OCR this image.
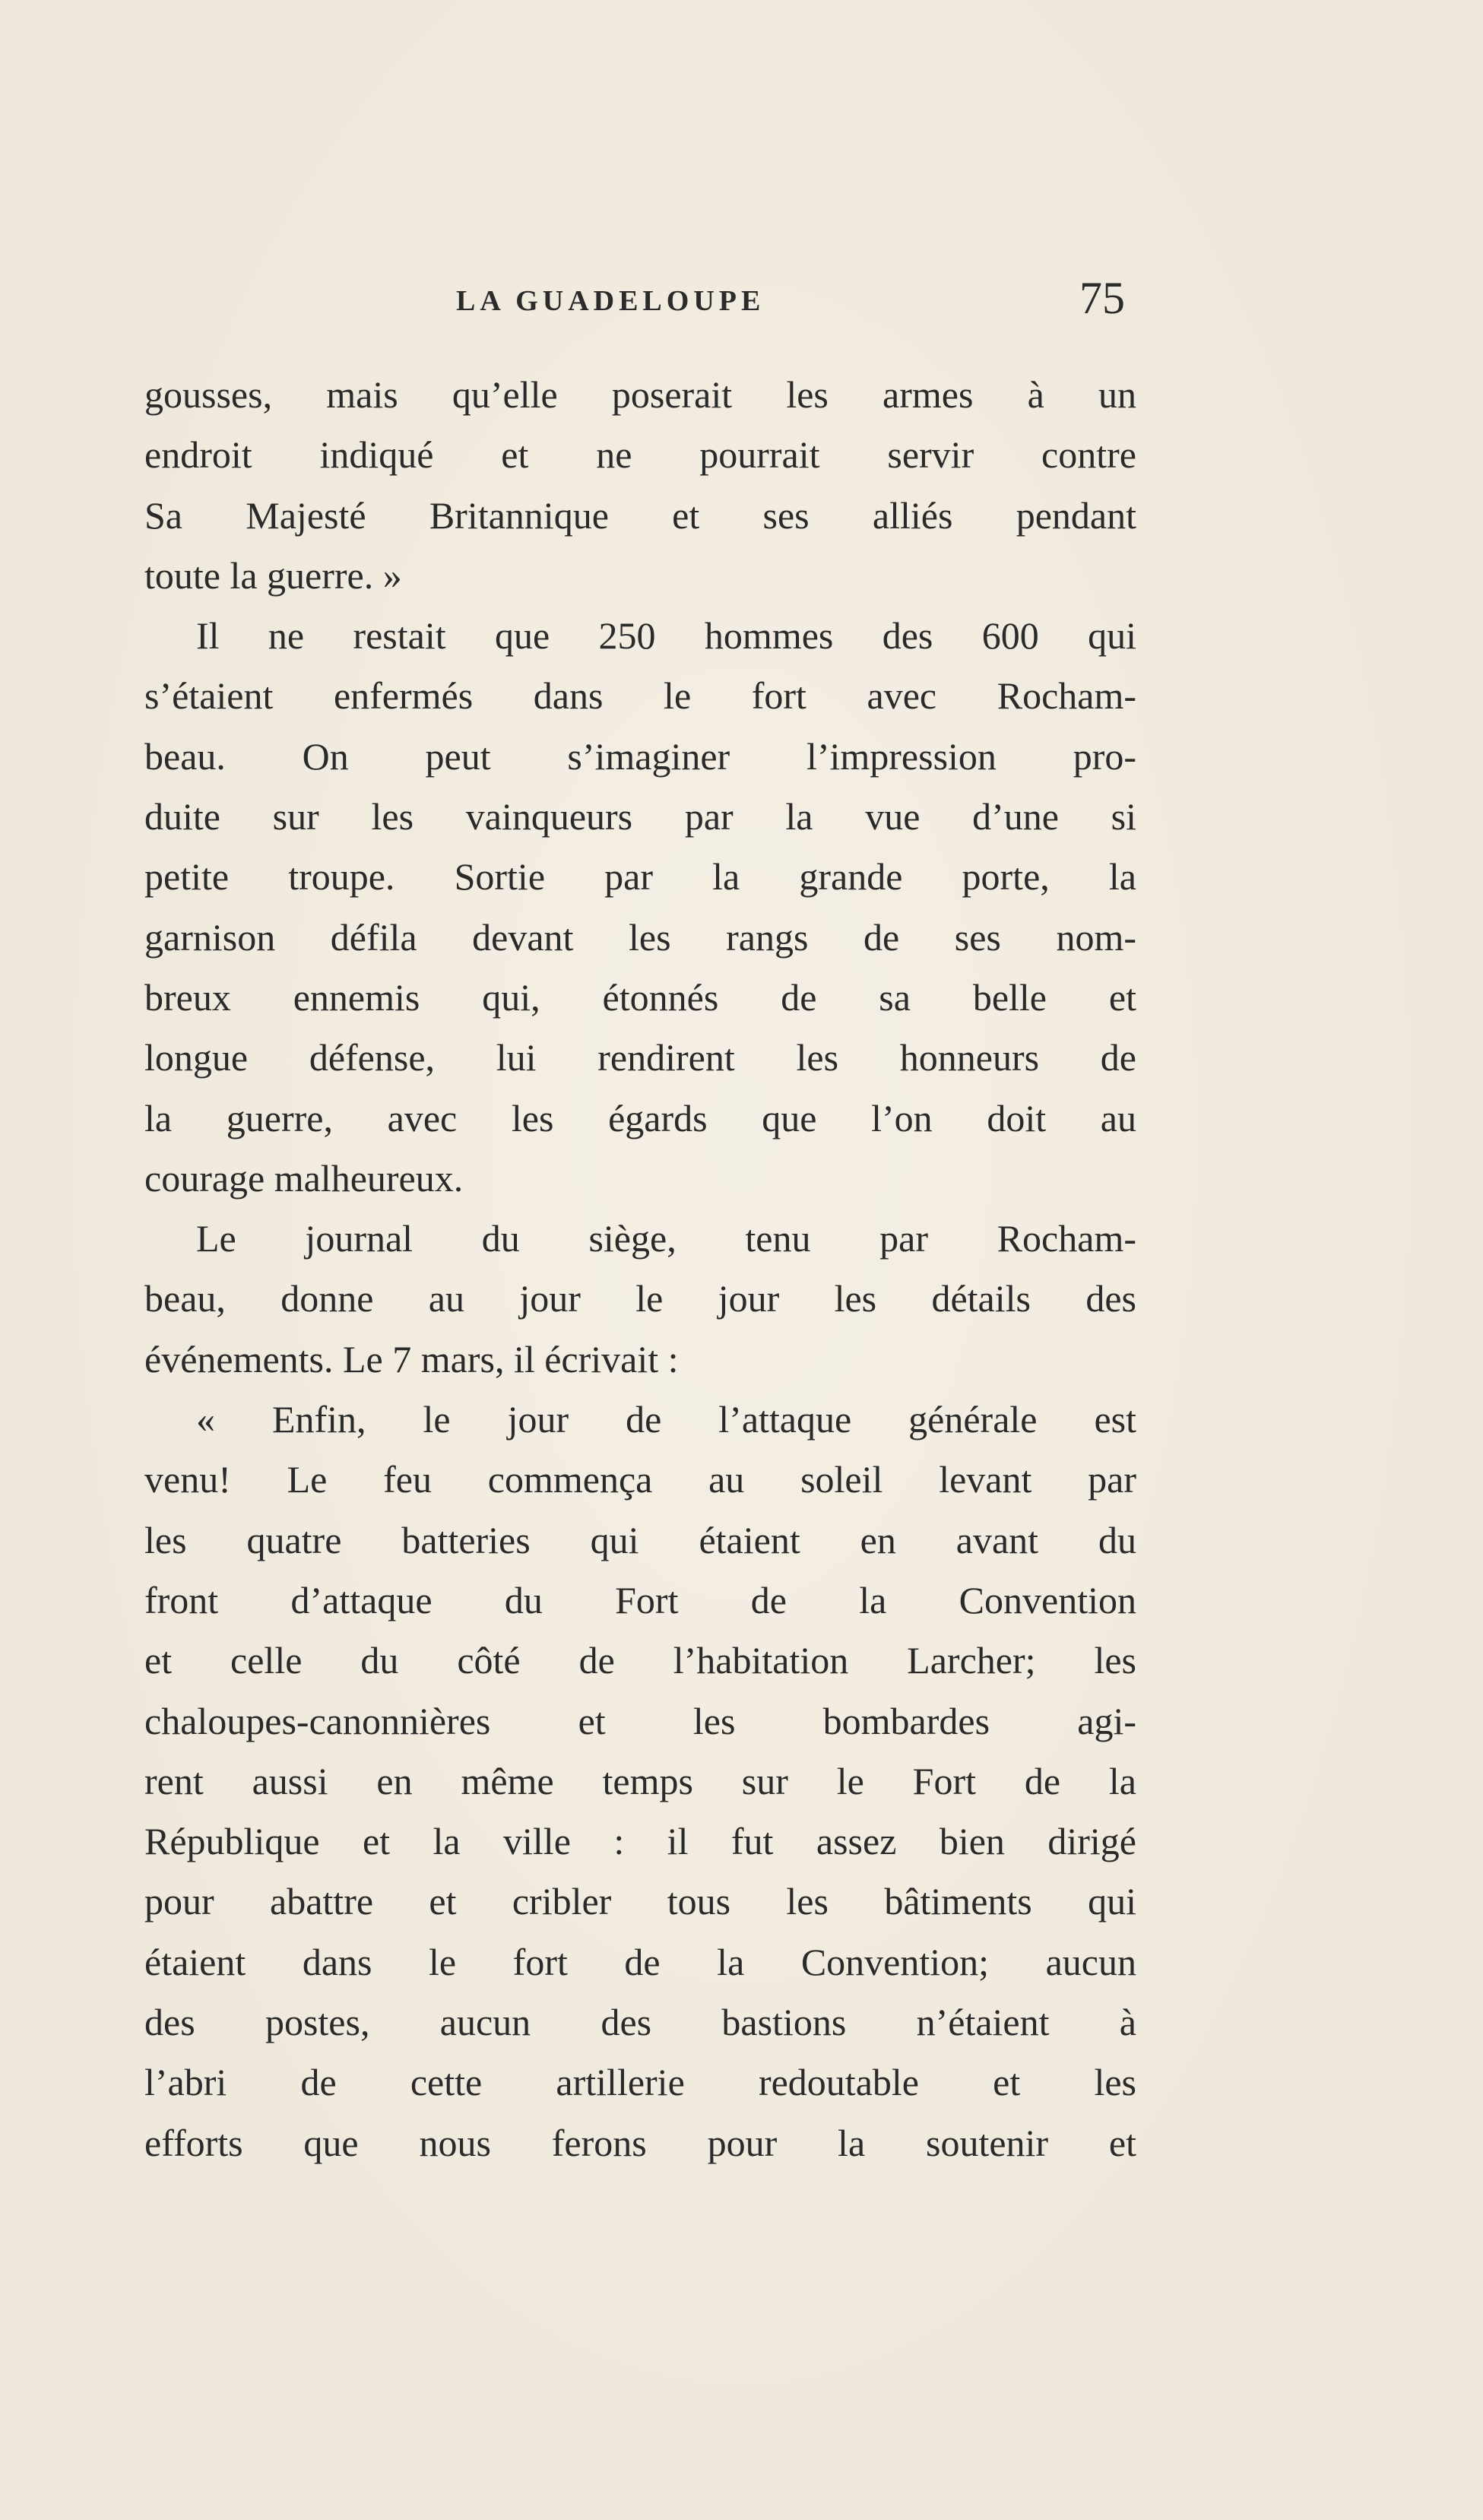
LA GUADELOUPE	75
gousses, mais qu’elle poserait les armes à un
endroit indiqué et ne pourrait servir contre
Sa Majesté Britannique et ses alliés pendant
toute la guerre. »
Il ne restait que 250 hommes des 600 qui
s’étaient enfermés dans le fort avec Rocham-
beau. On peut s’imaginer l’impression pro-
duite sur les vainqueurs par la vue d’une si
petite troupe. Sortie par la grande porte, la
garnison défila devant les rangs de ses nom-
breux ennemis qui, étonnés de sa belle et
longue défense, lui rendirent les honneurs de
la guerre, avec les égards que l’on doit au
courage malheureux.
Le journal du siège, tenu par Rocham-
beau, donne au jour le jour les détails des
événements. Le 7 mars, il écrivait :
« Enfin, le jour de l’attaque générale est
venu! Le feu commença au soleil levant par
les quatre batteries qui étaient en avant du
front d’attaque du Fort de la Convention
et celle du côté de l’habitation Larcher; les
chaloupes-canonnières et les bombardes agi-
rent aussi en même temps sur le Fort de la
République et la ville : il fut assez bien dirigé
pour abattre et cribler tous les bâtiments qui
étaient dans le fort de la Convention; aucun
des postes, aucun des bastions n’étaient à
l’abri de cette artillerie redoutable et les
efforts que nous ferons pour la soutenir et
